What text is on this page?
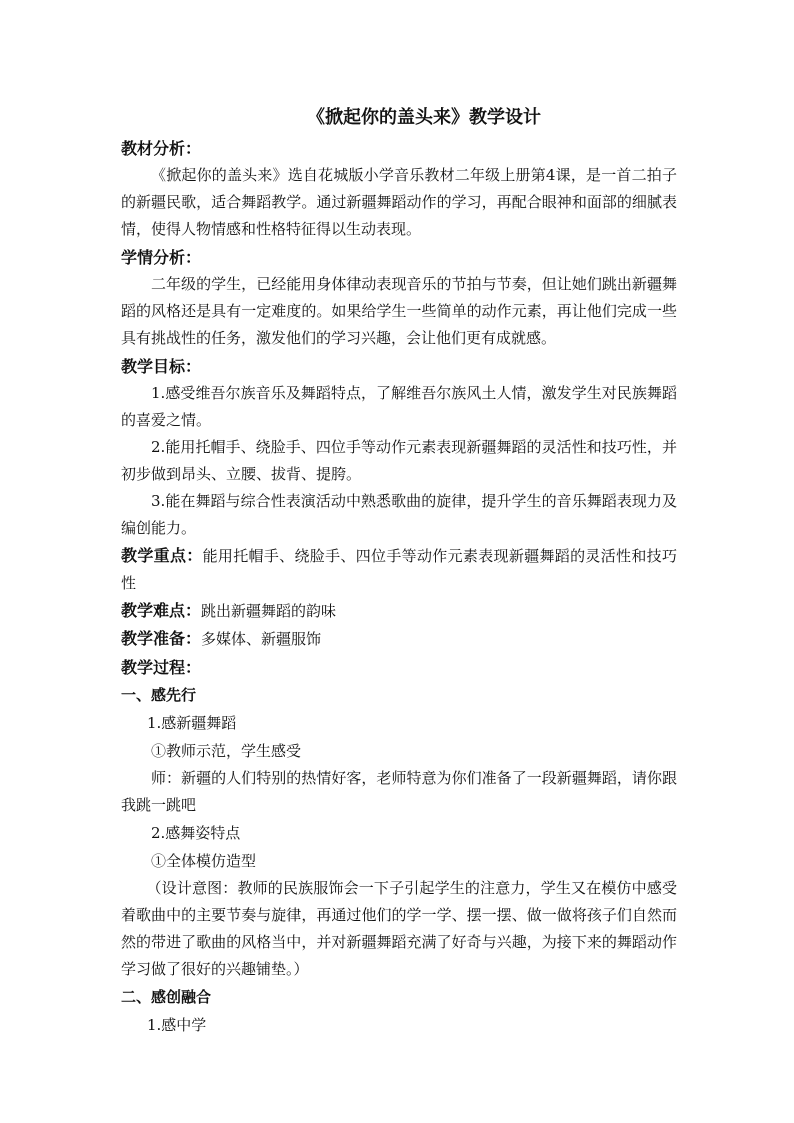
《掀起你的盖头来》教学设计
教材分析：

《掀起你的盖头来》选自花城版小学音乐教材二年级上册第4课，是一首二拍子的新疆民歌，适合舞蹈教学。通过新疆舞蹈动作的学习，再配合眼神和面部的细腻表情，使得人物情感和性格特征得以生动表现。

学情分析：

二年级的学生，已经能用身体律动表现音乐的节拍与节奏，但让她们跳出新疆舞蹈的风格还是具有一定难度的。如果给学生一些简单的动作元素，再让他们完成一些具有挑战性的任务，激发他们的学习兴趣，会让他们更有成就感。

教学目标：

1.感受维吾尔族音乐及舞蹈特点，了解维吾尔族风土人情，激发学生对民族舞蹈的喜爱之情。

2.能用托帽手、绕脸手、四位手等动作元素表现新疆舞蹈的灵活性和技巧性，并初步做到昂头、立腰、拔背、提胯。

3.能在舞蹈与综合性表演活动中熟悉歌曲的旋律，提升学生的音乐舞蹈表现力及编创能力。

教学重点：能用托帽手、绕脸手、四位手等动作元素表现新疆舞蹈的灵活性和技巧性

教学难点：跳出新疆舞蹈的韵味

教学准备：多媒体、新疆服饰

教学过程：

一、感先行

1.感新疆舞蹈

①教师示范，学生感受

师：新疆的人们特别的热情好客，老师特意为你们准备了一段新疆舞蹈，请你跟我跳一跳吧

2.感舞姿特点

①全体模仿造型

（设计意图：教师的民族服饰会一下子引起学生的注意力，学生又在模仿中感受着歌曲中的主要节奏与旋律，再通过他们的学一学、摆一摆、做一做将孩子们自然而然的带进了歌曲的风格当中，并对新疆舞蹈充满了好奇与兴趣，为接下来的舞蹈动作学习做了很好的兴趣铺垫。）

二、感创融合

1.感中学
